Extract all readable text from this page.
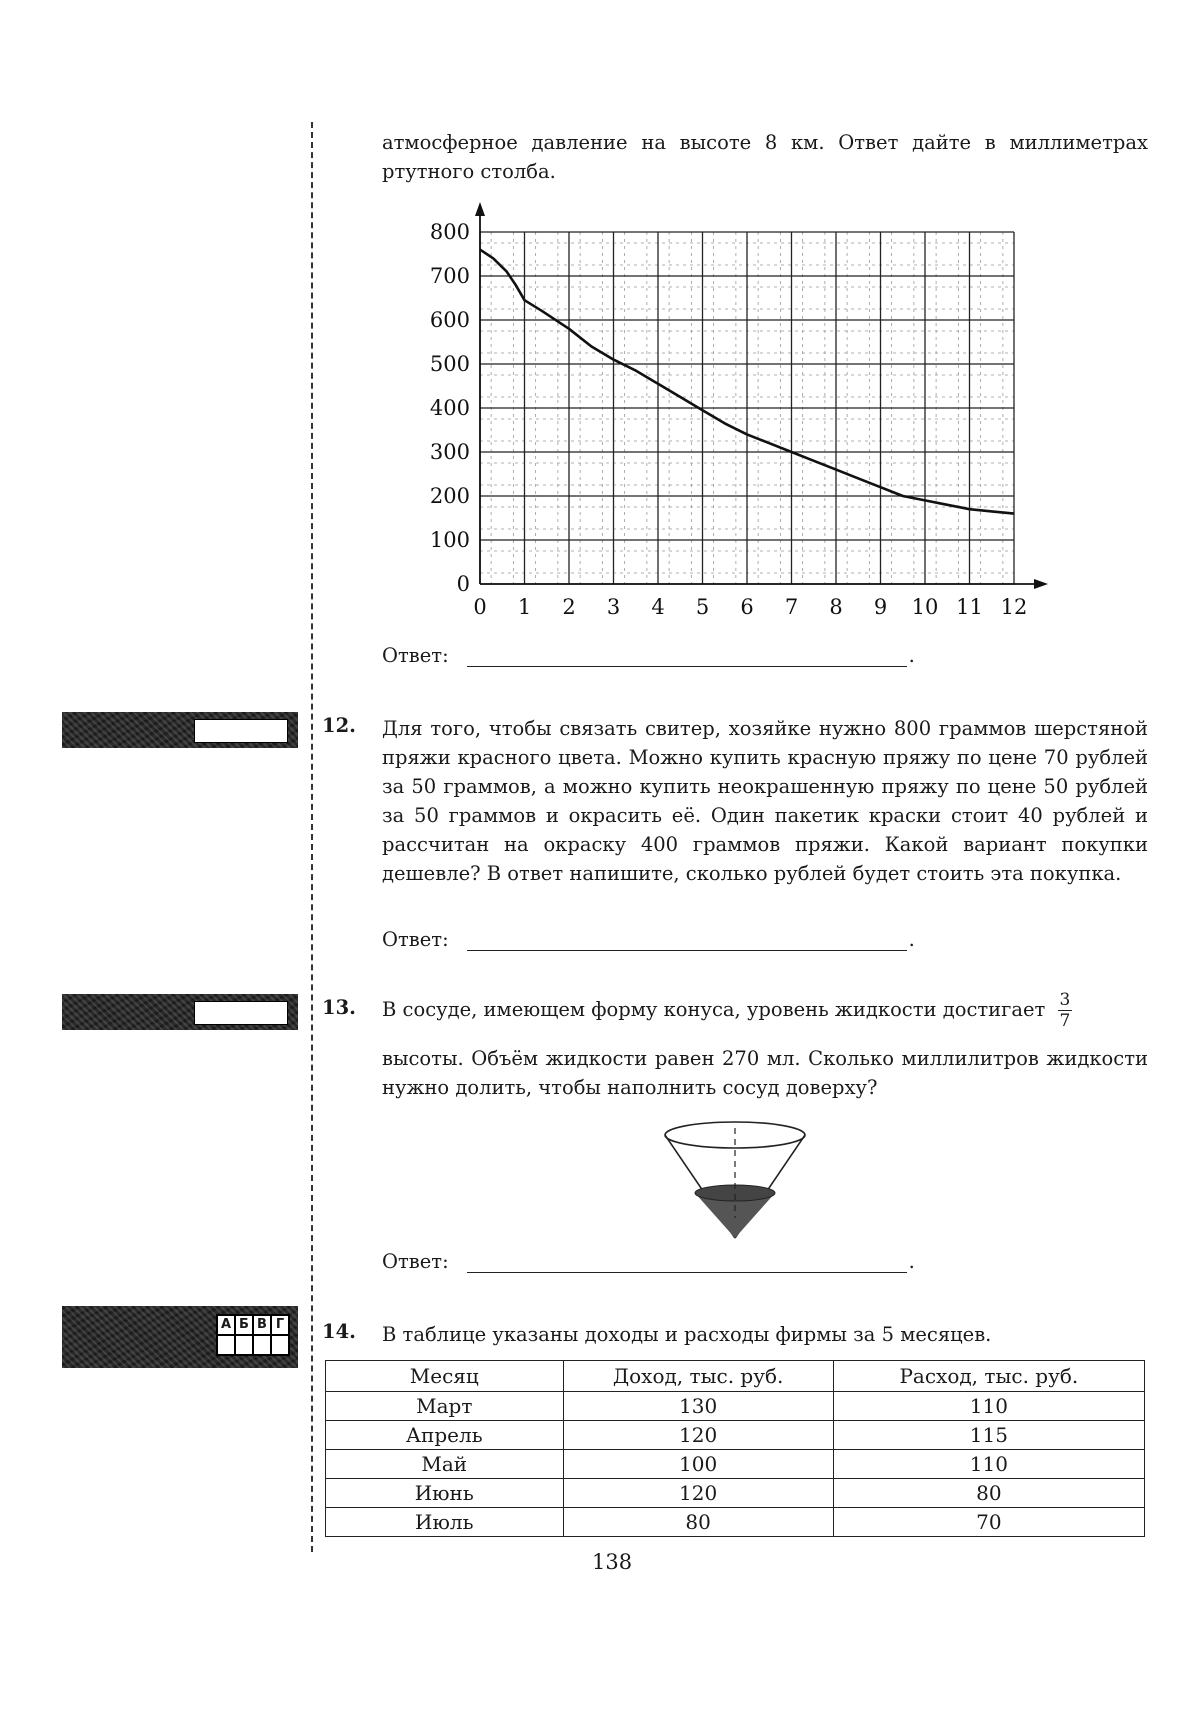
атмосферное давление на высоте 8 км. Ответ дайте в миллиметрах ртутного столба.

0 1 2 3 4 5 6 7 8 9 10 11 12
0
100
200
300
400
500
600
700
800
Ответ:	.
12. Для того, чтобы связать свитер, хозяйке нужно 800 граммов шерстяной пряжи красного цвета. Можно купить красную пряжу по цене 70 рублей за 50 граммов, а можно купить неокрашенную пряжу по цене 50 рублей за 50 граммов и окрасить её. Один пакетик краски стоит 40 рублей и рассчитан на окраску 400 граммов пряжи. Какой вариант покупки дешевле? В ответ напишите, сколько рублей будет стоить эта покупка.

Ответ:	.
13. В сосуде, имеющем форму конуса, уровень жидкости достигает $\frac{3}{7}$

высоты. Объём жидкости равен 270 мл. Сколько миллилитров жидкости нужно долить, чтобы наполнить сосуд доверху?

Ответ:	.
А Б В Г 14. В таблице указаны доходы и расходы фирмы за 5 месяцев.

Месяц	Доход, тыс. руб.	Расход, тыс. руб.
Март	130	110
Апрель	120	115
Май	100	110
Июнь	120	80
Июль	80	70
138
